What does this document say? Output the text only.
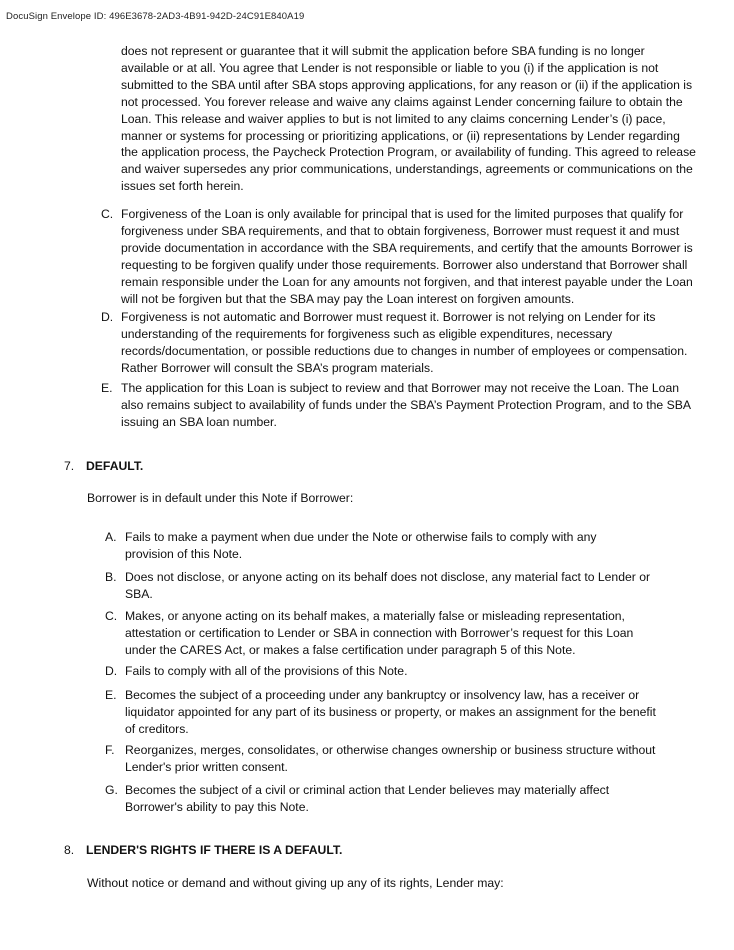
DocuSign Envelope ID: 496E3678-2AD3-4B91-942D-24C91E840A19

does not represent or guarantee that it will submit the application before SBA funding is no longer available or at all. You agree that Lender is not responsible or liable to you (i) if the application is not submitted to the SBA until after SBA stops approving applications, for any reason or (ii) if the application is not processed. You forever release and waive any claims against Lender concerning failure to obtain the Loan. This release and waiver applies to but is not limited to any claims concerning Lender’s (i) pace, manner or systems for processing or prioritizing applications, or (ii) representations by Lender regarding the application process, the Paycheck Protection Program, or availability of funding. This agreed to release and waiver supersedes any prior communications, understandings, agreements or communications on the issues set forth herein.

C. Forgiveness of the Loan is only available for principal that is used for the limited purposes that qualify for forgiveness under SBA requirements, and that to obtain forgiveness, Borrower must request it and must provide documentation in accordance with the SBA requirements, and certify that the amounts Borrower is requesting to be forgiven qualify under those requirements. Borrower also understand that Borrower shall remain responsible under the Loan for any amounts not forgiven, and that interest payable under the Loan will not be forgiven but that the SBA may pay the Loan interest on forgiven amounts.
D. Forgiveness is not automatic and Borrower must request it. Borrower is not relying on Lender for its understanding of the requirements for forgiveness such as eligible expenditures, necessary records/documentation, or possible reductions due to changes in number of employees or compensation. Rather Borrower will consult the SBA’s program materials.
E. The application for this Loan is subject to review and that Borrower may not receive the Loan. The Loan also remains subject to availability of funds under the SBA’s Payment Protection Program, and to the SBA issuing an SBA loan number.
7. DEFAULT.

Borrower is in default under this Note if Borrower:

A. Fails to make a payment when due under the Note or otherwise fails to comply with any provision of this Note.
B. Does not disclose, or anyone acting on its behalf does not disclose, any material fact to Lender or SBA.
C. Makes, or anyone acting on its behalf makes, a materially false or misleading representation, attestation or certification to Lender or SBA in connection with Borrower’s request for this Loan under the CARES Act, or makes a false certification under paragraph 5 of this Note.
D. Fails to comply with all of the provisions of this Note.
E. Becomes the subject of a proceeding under any bankruptcy or insolvency law, has a receiver or liquidator appointed for any part of its business or property, or makes an assignment for the benefit of creditors.
F. Reorganizes, merges, consolidates, or otherwise changes ownership or business structure without Lender's prior written consent.
G. Becomes the subject of a civil or criminal action that Lender believes may materially affect Borrower's ability to pay this Note.
8. LENDER'S RIGHTS IF THERE IS A DEFAULT.

Without notice or demand and without giving up any of its rights, Lender may:
